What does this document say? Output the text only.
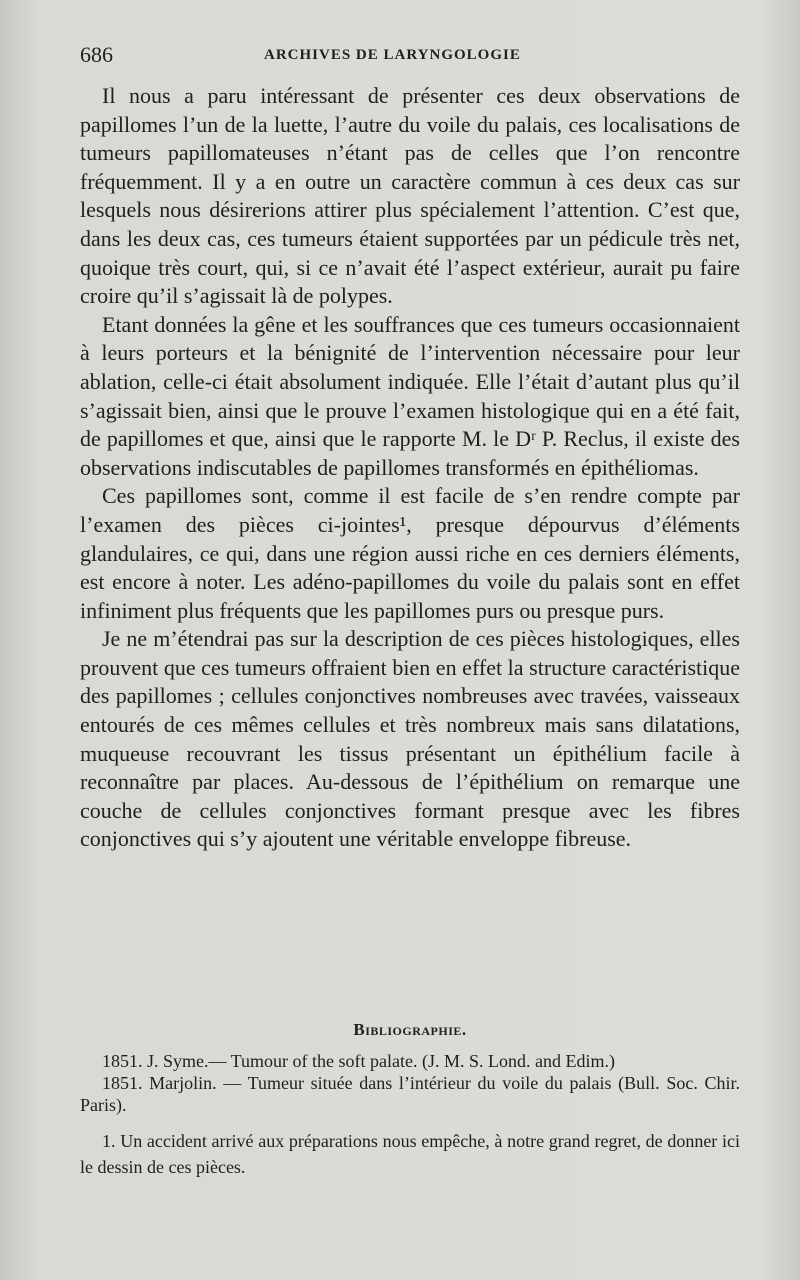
686	ARCHIVES DE LARYNGOLOGIE

Il nous a paru intéressant de présenter ces deux observations de papillomes l’un de la luette, l’autre du voile du palais, ces localisations de tumeurs papillomateuses n’étant pas de celles que l’on rencontre fréquemment. Il y a en outre un caractère commun à ces deux cas sur lesquels nous désirerions attirer plus spécialement l’attention. C’est que, dans les deux cas, ces tumeurs étaient supportées par un pédicule très net, quoique très court, qui, si ce n’avait été l’aspect extérieur, aurait pu faire croire qu’il s’agissait là de polypes.

Etant données la gêne et les souffrances que ces tumeurs occasionnaient à leurs porteurs et la bénignité de l’intervention nécessaire pour leur ablation, celle-ci était absolument indiquée. Elle l’était d’autant plus qu’il s’agissait bien, ainsi que le prouve l’examen histologique qui en a été fait, de papillomes et que, ainsi que le rapporte M. le Dʳ P. Reclus, il existe des observations indiscutables de papillomes transformés en épithéliomas.

Ces papillomes sont, comme il est facile de s’en rendre compte par l’examen des pièces ci-jointes¹, presque dépourvus d’éléments glandulaires, ce qui, dans une région aussi riche en ces derniers éléments, est encore à noter. Les adéno-papillomes du voile du palais sont en effet infiniment plus fréquents que les papillomes purs ou presque purs.

Je ne m’étendrai pas sur la description de ces pièces histologiques, elles prouvent que ces tumeurs offraient bien en effet la structure caractéristique des papillomes ; cellules conjonctives nombreuses avec travées, vaisseaux entourés de ces mêmes cellules et très nombreux mais sans dilatations, muqueuse recouvrant les tissus présentant un épithélium facile à reconnaître par places. Au-dessous de l’épithélium on remarque une couche de cellules conjonctives formant presque avec les fibres conjonctives qui s’y ajoutent une véritable enveloppe fibreuse.

Bibliographie.

1851. J. Syme.— Tumour of the soft palate. (J. M. S. Lond. and Edim.)

1851. Marjolin. — Tumeur située dans l’intérieur du voile du palais (Bull. Soc. Chir. Paris).

1. Un accident arrivé aux préparations nous empêche, à notre grand regret, de donner ici le dessin de ces pièces.
